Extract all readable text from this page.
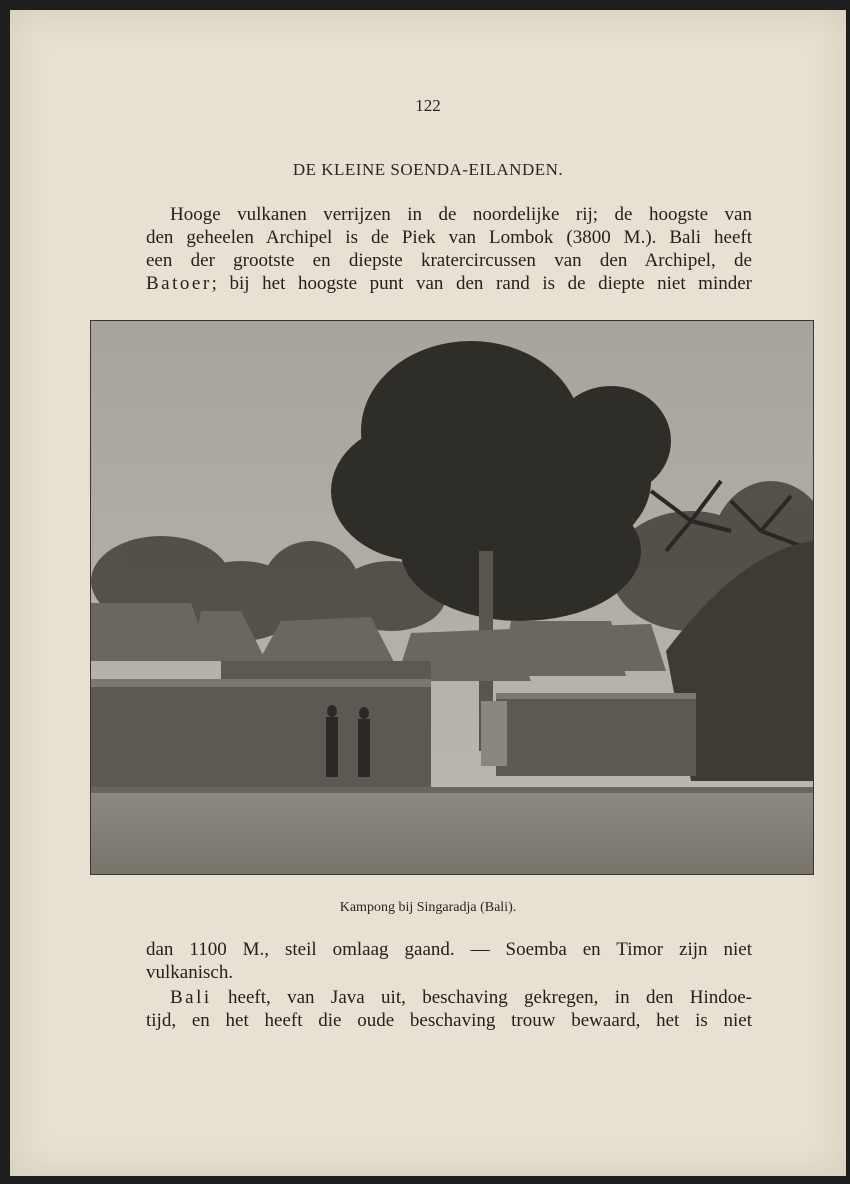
122
DE KLEINE SOENDA-EILANDEN.

Hooge vulkanen verrijzen in de noordelijke rij; de hoogste van
den geheelen Archipel is de Piek van Lombok (3800 M.). Bali heeft
een der grootste en diepste kratercircussen van den Archipel, de
Batoer; bij het hoogste punt van den rand is de diepte niet minder

Kampong bij Singaradja (Bali).

dan 1100 M., steil omlaag gaand. — Soemba en Timor zijn niet
vulkanisch.

Bali heeft, van Java uit, beschaving gekregen, in den Hindoe-
tijd, en het heeft die oude beschaving trouw bewaard, het is niet
